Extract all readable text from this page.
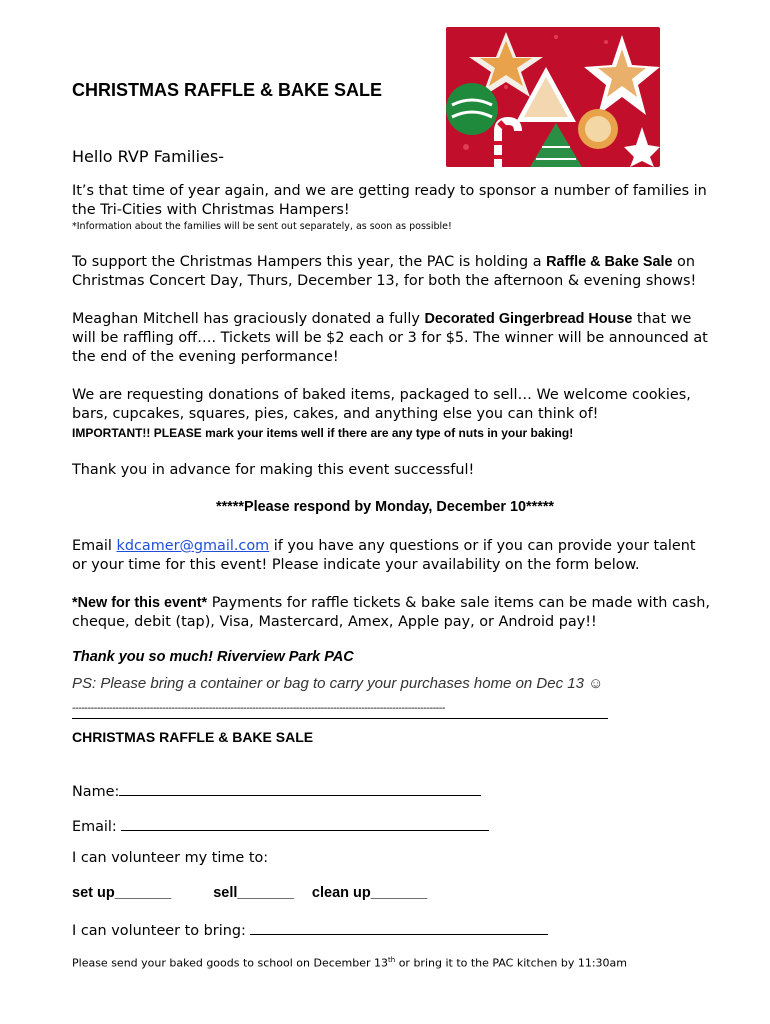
CHRISTMAS RAFFLE & BAKE SALE
Hello RVP Families-

It’s that time of year again, and we are getting ready to sponsor a number of families in the Tri-Cities with Christmas Hampers!

*Information about the families will be sent out separately, as soon as possible!

To support the Christmas Hampers this year, the PAC is holding a Raffle & Bake Sale on Christmas Concert Day, Thurs, December 13, for both the afternoon & evening shows!

Meaghan Mitchell has graciously donated a fully Decorated Gingerbread House that we will be raffling off…. Tickets will be $2 each or 3 for $5. The winner will be announced at the end of the evening performance!

We are requesting donations of baked items, packaged to sell… We welcome cookies, bars, cupcakes, squares, pies, cakes, and anything else you can think of!

IMPORTANT!! PLEASE mark your items well if there are any type of nuts in your baking!

Thank you in advance for making this event successful!
*****Please respond by Monday, December 10*****

Email kdcamer@gmail.com if you have any questions or if you can provide your talent or your time for this event! Please indicate your availability on the form below.

*New for this event* Payments for raffle tickets & bake sale items can be made with cash, cheque, debit (tap), Visa, Mastercard, Amex, Apple pay, or Android pay!!

Thank you so much! Riverview Park PAC
PS: Please bring a container or bag to carry your purchases home on Dec 13 ☺
------------------------------------------------------------------------------------------------------------------------
CHRISTMAS RAFFLE & BAKE SALE
Name:
Email:
I can volunteer my time to:
set up_______	sell_______ clean up_______
I can volunteer to bring:
Please send your baked goods to school on December 13th or bring it to the PAC kitchen by 11:30am
